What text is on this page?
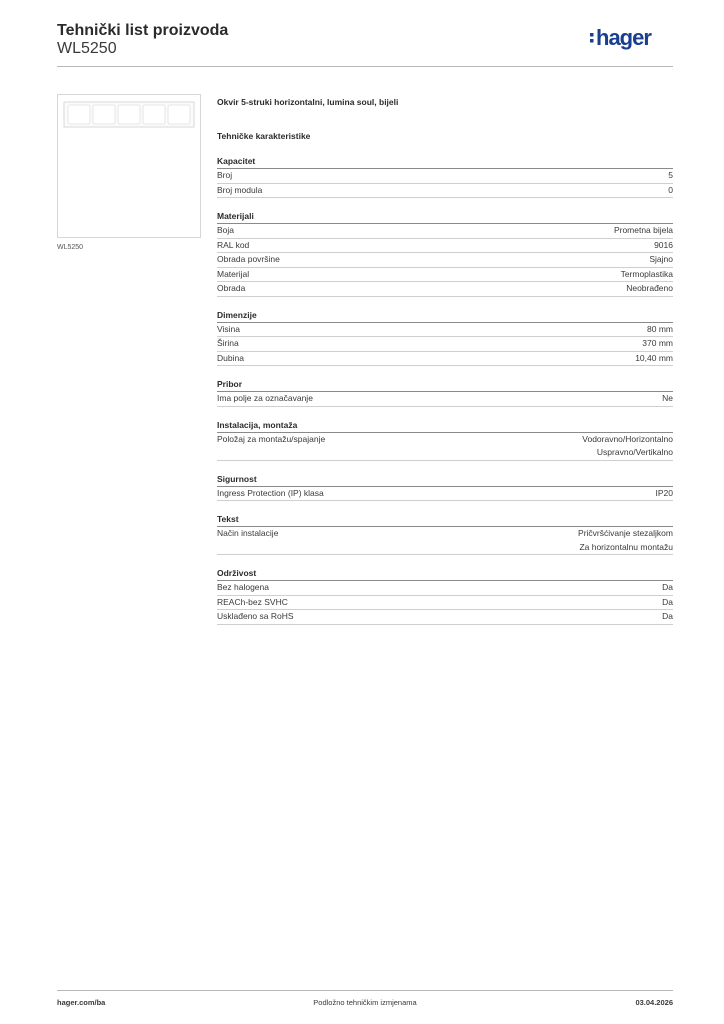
Tehnički list proizvoda
WL5250	hager
WL5250
Okvir 5-struki horizontalni, lumina soul, bijeli
Tehničke karakteristike
Kapacitet
Broj	5
Broj modula	0
Materijali
Boja	Prometna bijela
RAL kod	9016
Obrada površine	Sjajno
Materijal	Termoplastika
Obrada	Neobrađeno
Dimenzije
Visina	80 mm
Širina	370 mm
Dubina	10,40 mm
Pribor
Ima polje za označavanje	Ne
Instalacija, montaža
Položaj za montažu/spajanje	Vodoravno/Horizontalno
Uspravno/Vertikalno
Sigurnost
Ingress Protection (IP) klasa	IP20
Tekst
Način instalacije	Pričvršćivanje stezaljkom
Za horizontalnu montažu
Održivost
Bez halogena	Da
REACh-bez SVHC	Da
Usklađeno sa RoHS	Da
hager.com/ba	Podložno tehničkim izmjenama	03.04.2026
